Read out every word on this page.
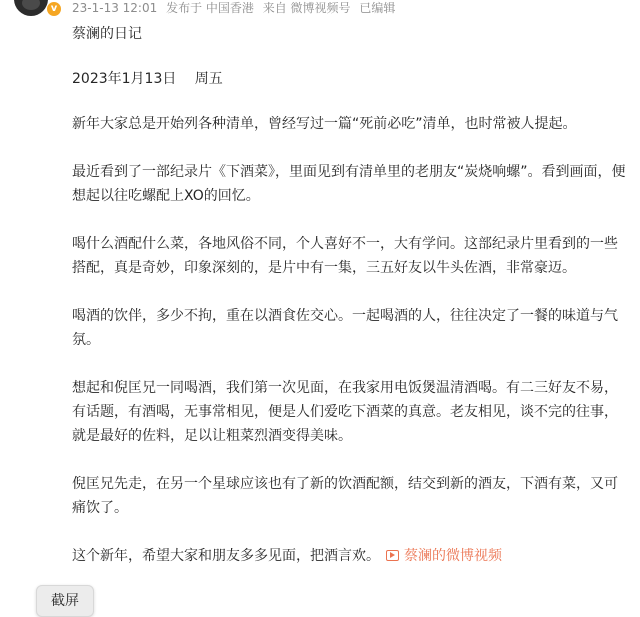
v	23-1-13 12:01 发布于 中国香港 来自 微博视频号 已编辑

蔡澜的日记

2023年1月13日　 周五

新年大家总是开始列各种清单，曾经写过一篇“死前必吃”清单，也时常被人提起。

最近看到了一部纪录片《下酒菜》，里面见到有清单里的老朋友“炭烧响螺”。看到画面，便想起以往吃螺配上XO的回忆。

喝什么酒配什么菜，各地风俗不同，个人喜好不一，大有学问。这部纪录片里看到的一些搭配，真是奇妙，印象深刻的，是片中有一集，三五好友以牛头佐酒，非常豪迈。

喝酒的饮伴，多少不拘，重在以酒食佐交心。一起喝酒的人，往往决定了一餐的味道与气氛。

想起和倪匡兄一同喝酒，我们第一次见面，在我家用电饭煲温清酒喝。有二三好友不易，有话题，有酒喝，无事常相见，便是人们爱吃下酒菜的真意。老友相见，谈不完的往事，就是最好的佐料，足以让粗菜烈酒变得美味。

倪匡兄先走，在另一个星球应该也有了新的饮酒配额，结交到新的酒友，下酒有菜，又可痛饮了。

这个新年，希望大家和朋友多多见面，把酒言欢。 蔡澜的微博视频

截屏
